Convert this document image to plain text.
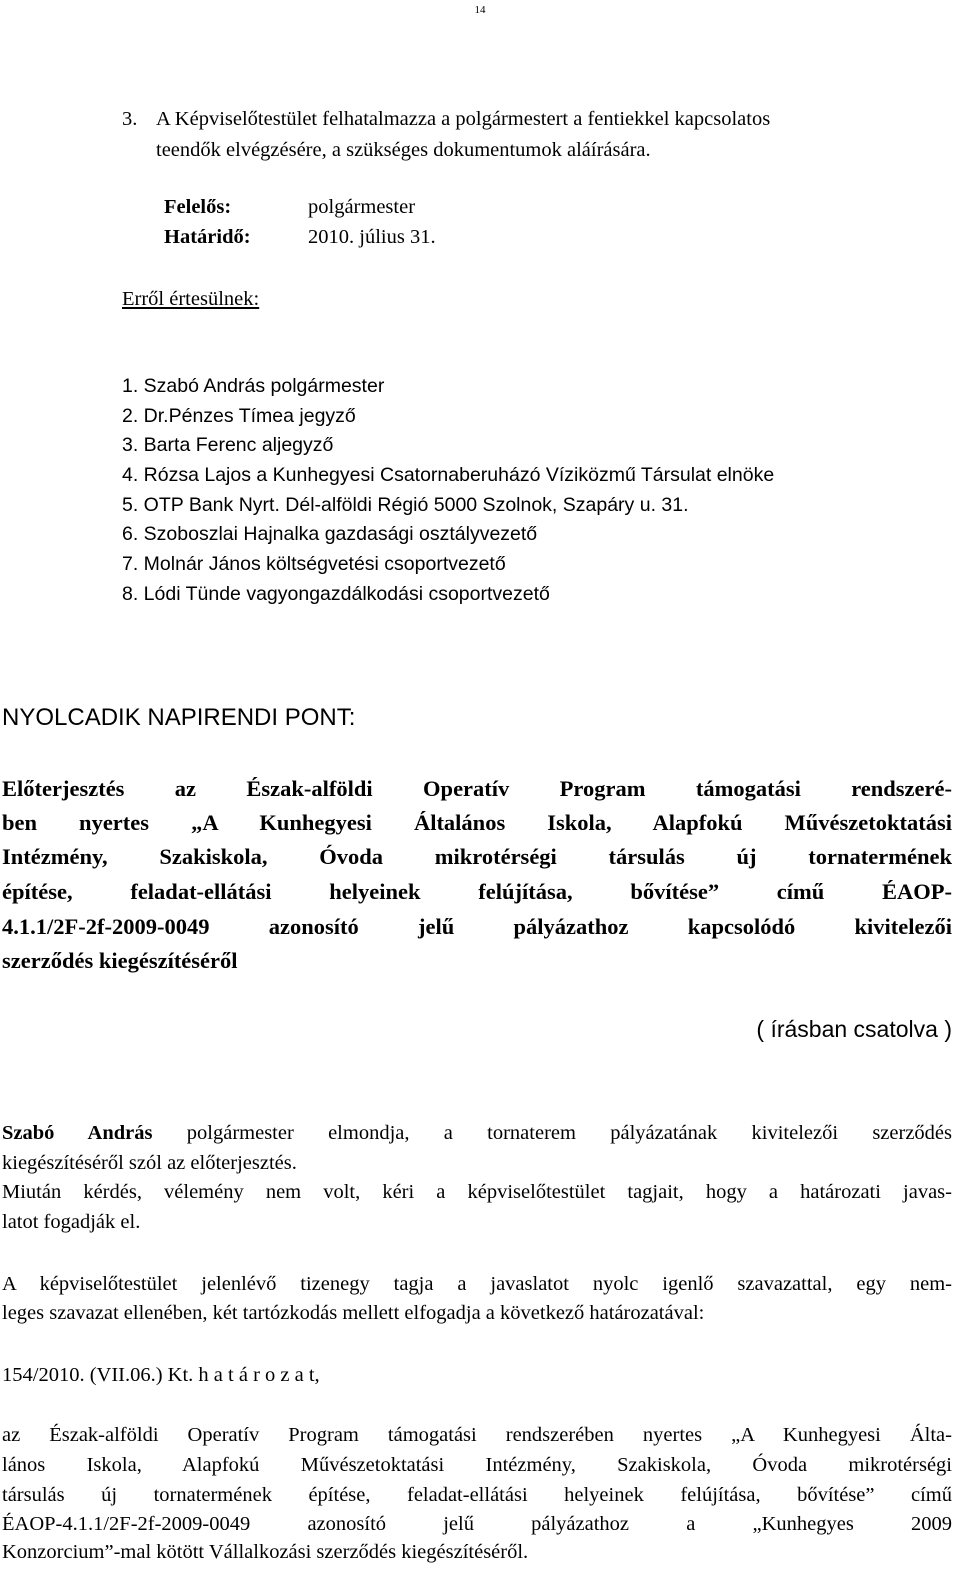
14
3. A Képviselőtestület felhatalmazza a polgármestert a fentiekkel kapcsolatos
teendők elvégzésére, a szükséges dokumentumok aláírására.
Felelős:	polgármester
Határidő:	2010. július 31.
Erről értesülnek:
1. Szabó András polgármester
2. Dr.Pénzes Tímea jegyző
3. Barta Ferenc aljegyző
4. Rózsa Lajos a Kunhegyesi Csatornaberuházó Víziközmű Társulat elnöke
5. OTP Bank Nyrt. Dél-alföldi Régió 5000 Szolnok, Szapáry u. 31.
6. Szoboszlai Hajnalka gazdasági osztályvezető
7. Molnár János költségvetési csoportvezető
8. Lódi Tünde vagyongazdálkodási csoportvezető
NYOLCADIK NAPIRENDI PONT:
Előterjesztés az Észak-alföldi Operatív Program támogatási rendszeré-
ben nyertes „A Kunhegyesi Általános Iskola, Alapfokú Művészetoktatási
Intézmény, Szakiskola, Óvoda mikrotérségi társulás új tornatermének
építése, feladat-ellátási helyeinek felújítása, bővítése” című ÉAOP-
4.1.1/2F-2f-2009-0049 azonosító jelű pályázathoz kapcsolódó kivitelezői
szerződés kiegészítéséről
( írásban csatolva )
Szabó András polgármester elmondja, a tornaterem pályázatának kivitelezői szerződés
kiegészítéséről szól az előterjesztés.
Miután kérdés, vélemény nem volt, kéri a képviselőtestület tagjait, hogy a határozati javas-
latot fogadják el.
A képviselőtestület jelenlévő tizenegy tagja a javaslatot nyolc igenlő szavazattal, egy nem-
leges szavazat ellenében, két tartózkodás mellett elfogadja a következő határozatával:
154/2010. (VII.06.) Kt. h a t á r o z a t,
az Észak-alföldi Operatív Program támogatási rendszerében nyertes „A Kunhegyesi Álta-
lános Iskola, Alapfokú Művészetoktatási Intézmény, Szakiskola, Óvoda mikrotérségi
társulás új tornatermének építése, feladat-ellátási helyeinek felújítása, bővítése” című
ÉAOP-4.1.1/2F-2f-2009-0049 azonosító jelű pályázathoz a „Kunhegyes 2009
Konzorcium”-mal kötött Vállalkozási szerződés kiegészítéséről.
